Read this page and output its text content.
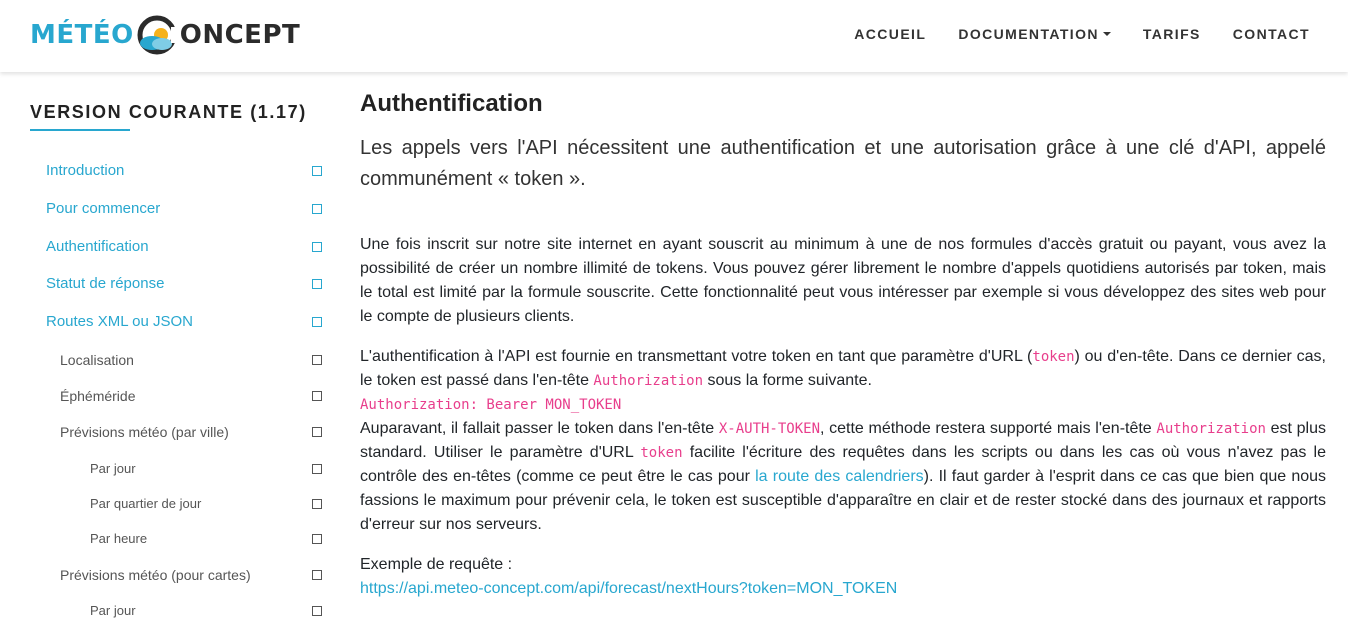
MÉTÉO ONCEPT	ACCUEIL DOCUMENTATION	TARIFS CONTACT
VERSION COURANTE (1.17)
Introduction
Pour commencer
Authentification
Statut de réponse
Routes XML ou JSON
Localisation
Éphéméride
Prévisions météo (par ville)
Par jour
Par quartier de jour
Par heure
Prévisions météo (pour cartes)
Par jour
Authentification

Les appels vers l'API nécessitent une authentification et une autorisation grâce à une clé d'API, appelé communément « token ».

Une fois inscrit sur notre site internet en ayant souscrit au minimum à une de nos formules d'accès gratuit ou payant, vous avez la possibilité de créer un nombre illimité de tokens. Vous pouvez gérer librement le nombre d'appels quotidiens autorisés par token, mais le total est limité par la formule souscrite. Cette fonctionnalité peut vous intéresser par exemple si vous développez des sites web pour le compte de plusieurs clients.

L'authentification à l'API est fournie en transmettant votre token en tant que paramètre d'URL (token) ou d'en-tête. Dans ce dernier cas, le token est passé dans l'en-tête Authorization sous la forme suivante.
Authorization: Bearer MON_TOKEN
Auparavant, il fallait passer le token dans l'en-tête X-AUTH-TOKEN, cette méthode restera supporté mais l'en-tête Authorization est plus standard. Utiliser le paramètre d'URL token facilite l'écriture des requêtes dans les scripts ou dans les cas où vous n'avez pas le contrôle des en-têtes (comme ce peut être le cas pour la route des calendriers). Il faut garder à l'esprit dans ce cas que bien que nous fassions le maximum pour prévenir cela, le token est susceptible d'apparaître en clair et de rester stocké dans des journaux et rapports d'erreur sur nos serveurs.
Exemple de requête :
https://api.meteo-concept.com/api/forecast/nextHours?token=MON_TOKEN
